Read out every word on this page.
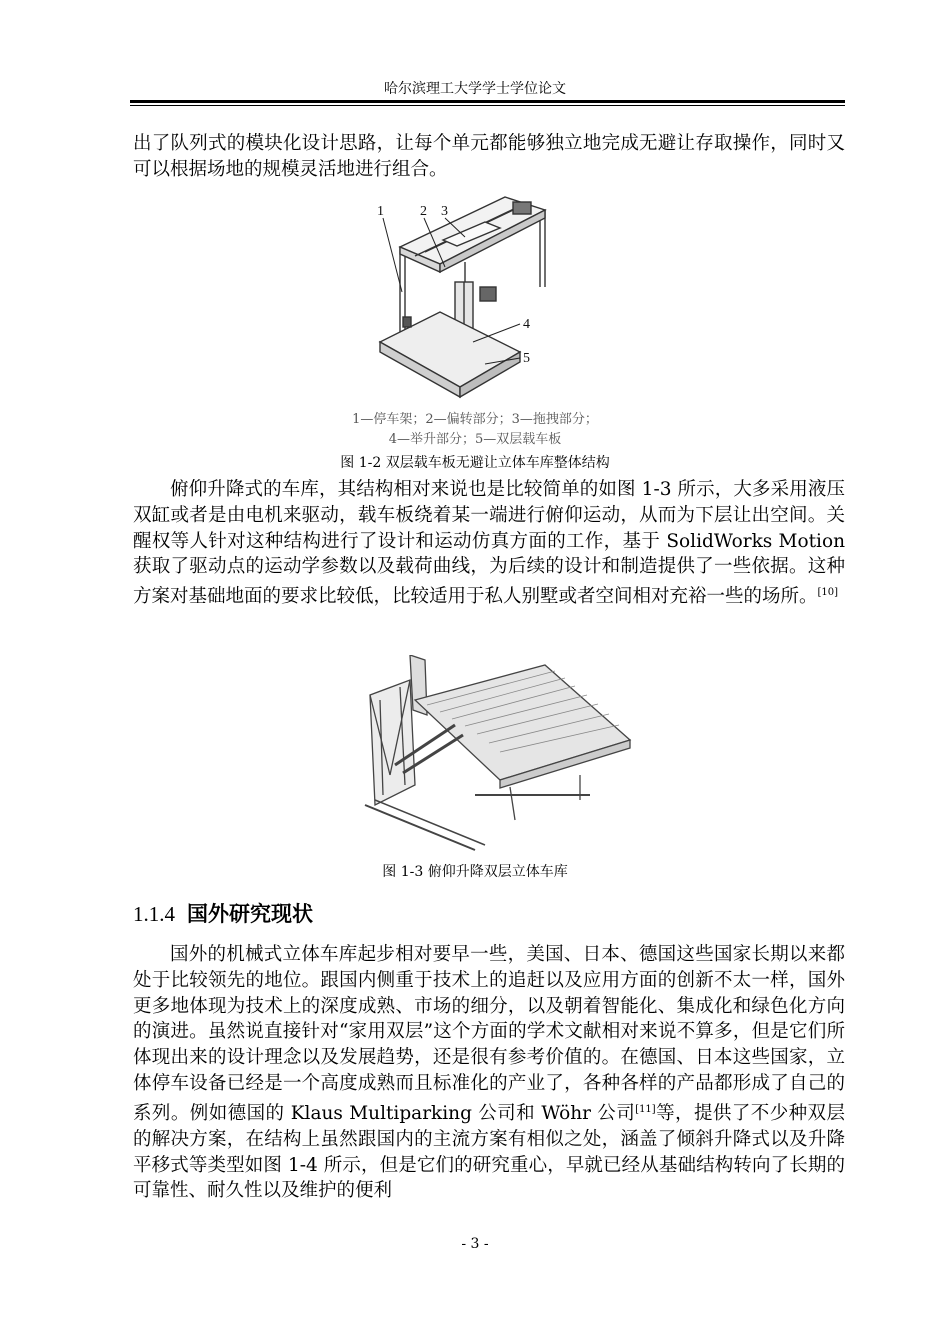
哈尔滨理工大学学士学位论文
出了队列式的模块化设计思路，让每个单元都能够独立地完成无避让存取操作，同时又可以根据场地的规模灵活地进行组合。
1	2 3
4
5
1—停车架；2—偏转部分；3—拖拽部分；
4—举升部分；5—双层载车板
图 1-2 双层载车板无避让立体车库整体结构
俯仰升降式的车库，其结构相对来说也是比较简单的如图 1-3 所示，大多采用液压双缸或者是由电机来驱动，载车板绕着某一端进行俯仰运动，从而为下层让出空间。关醒权等人针对这种结构进行了设计和运动仿真方面的工作，基于 SolidWorks Motion 获取了驱动点的运动学参数以及载荷曲线，为后续的设计和制造提供了一些依据。这种方案对基础地面的要求比较低，比较适用于私人别墅或者空间相对充裕一些的场所。[10]
图 1-3 俯仰升降双层立体车库
1.1.4 国外研究现状
国外的机械式立体车库起步相对要早一些，美国、日本、德国这些国家长期以来都处于比较领先的地位。跟国内侧重于技术上的追赶以及应用方面的创新不太一样，国外更多地体现为技术上的深度成熟、市场的细分，以及朝着智能化、集成化和绿色化方向的演进。虽然说直接针对“家用双层”这个方面的学术文献相对来说不算多，但是它们所体现出来的设计理念以及发展趋势，还是很有参考价值的。在德国、日本这些国家，立体停车设备已经是一个高度成熟而且标准化的产业了，各种各样的产品都形成了自己的系列。例如德国的 Klaus Multiparking 公司和 Wöhr 公司[11]等，提供了不少种双层的解决方案，在结构上虽然跟国内的主流方案有相似之处，涵盖了倾斜升降式以及升降平移式等类型如图 1-4 所示，但是它们的研究重心，早就已经从基础结构转向了长期的可靠性、耐久性以及维护的便利
- 3 -
